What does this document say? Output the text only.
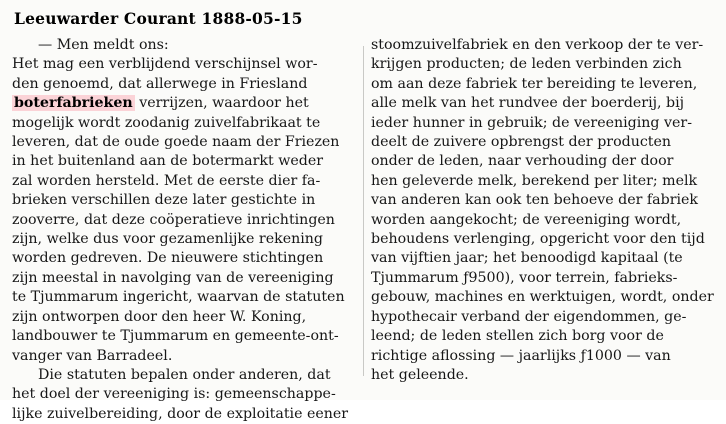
Leeuwarder Courant 1888-05-15
— Men meldt ons:
Het mag een verblijdend verschijnsel wor-
den genoemd, dat allerwege in Friesland
boterfabrieken verrijzen, waardoor het
mogelijk wordt zoodanig zuivelfabrikaat te
leveren, dat de oude goede naam der Friezen
in het buitenland aan de botermarkt weder
zal worden hersteld. Met de eerste dier fa-
brieken verschillen deze later gestichte in
zooverre, dat deze coöperatieve inrichtingen
zijn, welke dus voor gezamenlijke rekening
worden gedreven. De nieuwere stichtingen
zijn meestal in navolging van de vereeniging
te Tjummarum ingericht, waarvan de statuten
zijn ontworpen door den heer W. Koning,
landbouwer te Tjummarum en gemeente-ont-
vanger van Barradeel.
Die statuten bepalen onder anderen, dat
het doel der vereeniging is: gemeenschappe-
lijke zuivelbereiding, door de exploitatie eener
stoomzuivelfabriek en den verkoop der te ver-
krijgen producten; de leden verbinden zich
om aan deze fabriek ter bereiding te leveren,
alle melk van het rundvee der boerderij, bij
ieder hunner in gebruik; de vereeniging ver-
deelt de zuivere opbrengst der producten
onder de leden, naar verhouding der door
hen geleverde melk, berekend per liter; melk
van anderen kan ook ten behoeve der fabriek
worden aangekocht; de vereeniging wordt,
behoudens verlenging, opgericht voor den tijd
van vijftien jaar; het benoodigd kapitaal (te
Tjummarum ƒ9500), voor terrein, fabrieks-
gebouw, machines en werktuigen, wordt, onder
hypothecair verband der eigendommen, ge-
leend; de leden stellen zich borg voor de
richtige aflossing — jaarlijks ƒ1000 — van
het geleende.
